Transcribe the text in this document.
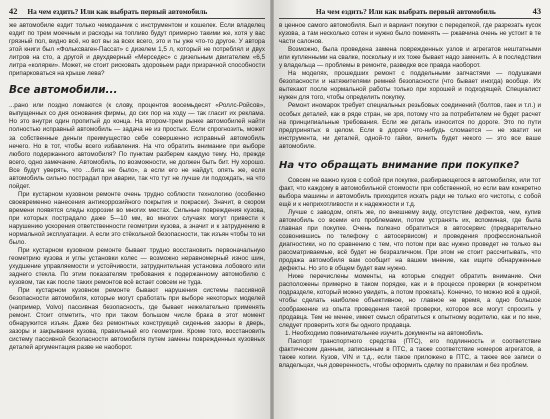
42 На чем ездить? Или как выбрать первый автомобиль

же автомобиле ездит только чемоданчик с инструментом и кошелек. Если владелец ездит по трем моечным и расходы на топливо будут примерно такими же, хотя у вас грязный пол, видно всё, но вот вы за всех всего, это и ты уже что-то другое. У автора этой книги был «Фольксваген-Пассат» с дизелем 1,5 л, который не потреблял и двух литров на сто, а другой и двухдверный «Мерседес» с дизельным двигателем «6,5 литра «колярки». Может, не стоит рисковать здоровьем ради призрачной способности припарковаться на крыше лева?

Все автомобили...

...рано или поздно ломаются (к слову, процентов восемьдесят «Роллс-Ройсов», выпущенных со дня основания фирмы, до сих пор на ходу — так гласит их реклама. Но это внутри один пропитый до конца. На втором-трем рынке автомобилей найти полностью исправный автомобиль — задача не из простых. Если спрогнозить, может за собственные деньги преимущество себе совершенно исправный автомобиль нечего. Но в тот, чтобы всего избавления. На что обратить внимание при выборе любого подержанного автомобиля? По пунктам разберем каждую тему. Но, прежде всего, одно замечание. Автомобиль, по возможности, не должен быть бит. Ну хорошо. Все будут уверять, что ...бита не было», а если его не найдут, опять же, если автомобиль сильно пострадал при аварии, так что тут не лучше ли подождать, на что пойдет.

При кустарном кузовном ремонте очень трудно соблюсти технологию (особенно своевременно нанесения антикоррозийного покрытия и покраски). Значит, в скором времени появятся следы коррозии во многих местах. Сильные повреждения кузова, при которых пострадало даже 5—10 мм, во многих случаях могут привести к нарушению ускорения ответственности геометрии кузова, а значит и к затруднению в нормальной эксплуатации. А если это стёкольной безопасности, так изъян чтобы то ни было.

При кустарном кузовном ремонте бывает трудно восстановить первоначальную геометрию кузова и углы установки колес — возможно неравномерный износ шин, ухудшение управляемости и устойчивости, затруднительная установка лобового или заднего стекла. По этим показателям требования к подержанному автомобилю с кузовом, так как после таких ремонтов всё встает совсем не туда.

При кустарном кузовном ремонте бывают нарушения системы пассивной безопасности автомобиля, которые могут сработать при выборе некоторых моделей (например, Volvo) пассивная безопасность, где бывает нежелательно применять ремонт. Стоит отметить, что при таком большом числе брака в этот момент обнаружится изъян. Даже без ремонтных конструкций сиденьев зазоры в дверь, зазоры и закрывания кузова, правильный его геометрии. Кроме того, восстановить систему пассивной безопасности автомобиля путем замены поврежденных кузовных деталей аргументация разве не наоборот.

На чем ездить? Или как выбрать первый автомобиль	43

в ценное самого автомобиля. Был и вариант покупки с переделкой, где разрезать кусок кузова, а там несколько сотен и нужно было поменять — ржавчина очень не устоит в те части салонов.

Возможно, была проведена замена поврежденных узлов и агрегатов нештатными или купленными на свалке, поскольку и их тоже бывает надо заменить. А в последствии у владельца — проблемы в ремонте, разведке все правда наоборот.

На моделях, прошедших ремонт с поддельными запчастями — подушками безопасности и натяжителями ремней безопасности (что бывает иногда) вообще. Их вытекают после нормальной работы только при хорошей и подходящей. Специалист нужен для того, чтобы определить покупку.

Ремонт иномарок требует специальных резьбовых соединений (болтов, гаек и т.п.) и особых деталей, как в ряде стран, не зря, потому что за потребителем не будет расчет на принципиальные требования. Если же деталь износится по дороге. Это по пути предпринятых в целом. Если в дороге что-нибудь сломается — не хватит ни инструмента, ни деталей, одной-то гайки, винить будет некого — это все ваше автомобиле.

На что обращать внимание при покупке?

Совсем не важно кузов с собой при покупке, разбирающегося в автомобилях, или тот факт, что каждому в автомобильной стоимости при собственной, но если вам конкретно выбора машины и автомобиль приходится искать ради не только его чистоты, с собой ещё и к неприхотливости и к надежности и т.д.

Лучше с заводом, опять же, по внешнему виду, отсутствие дефектов, чем, купив автомобиль со всеми его проблемами, потом устранять их, вспоминая, где была главная при покупке. Очень полезно обратиться в автосервис (предварительно созвонившись по телефону с автосервисом) и проведения профессиональной диагностики, но по сравнению с тем, что потом при вас нужно проведет не только вы рассматриваемые, всё будет не безразличном. При этом не стоит рассчитывать, что продажа автомобиля вам сообщит на вашем мнение, как ищите обнаруженные дефекты. Но это в общем будет вам нужно.

Ниже перечислены моменты, на которые следует обратить внимание. Они расположены примерно в таком порядке, как и в процессе проверки (в конкретном подразделе, который можно увидеть, а потом проехать). Конечно, то можно всё в одной, чтобы сделать наиболее объективное, но главное не время, а одно большое соображение из опыта проведения такой проверки, которое все могут спросить у продавца. Тем не менее, имеет смысл обратиться к опытному водителю, как и по мне, следует проверить хотя бы одного продавца.

1. Необходимо повнимательнее изучить документы на автомобиль.

Паспорт транспортного средства (ПТС), его подлинность и соответствие фактическим данным, записанным в ПТС, а также соответствие номеров агрегатов, а также копии. Кузов, VIN и т.д., если такое приложено в ПТС, а также все записи о владельцах, чья доверенность, чтобы оформить сделку по правилам и без проблем.
